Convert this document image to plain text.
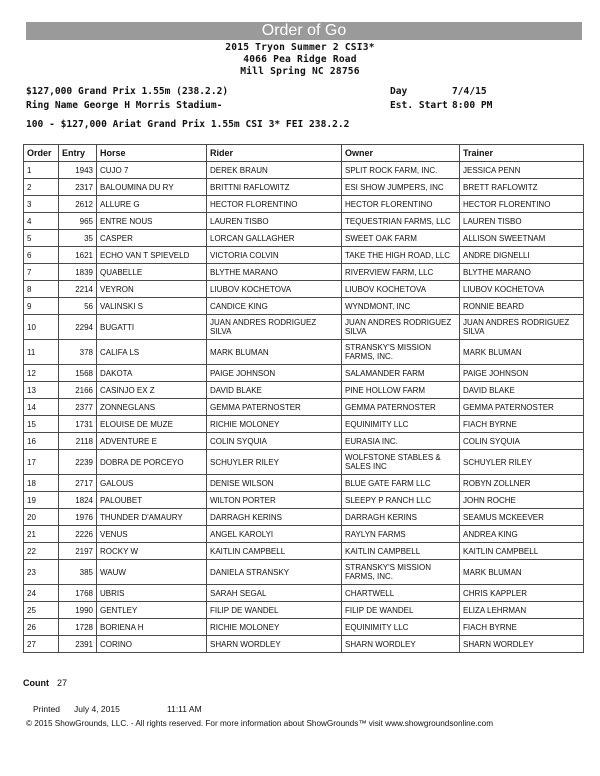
Order of Go
2015 Tryon Summer 2 CSI3*
4066 Pea Ridge Road
Mill Spring NC 28756
$127,000 Grand Prix 1.55m (238.2.2)
Ring Name George H Morris Stadium-
Day	7/4/15
Est. Start 8:00 PM
100 - $127,000 Ariat Grand Prix 1.55m CSI 3* FEI 238.2.2
Order	Entry	Horse	Rider	Owner	Trainer
1	1943	CUJO 7	DEREK BRAUN	SPLIT ROCK FARM, INC.	JESSICA PENN
2	2317	BALOUMINA DU RY	BRITTNI RAFLOWITZ	ESI SHOW JUMPERS, INC	BRETT RAFLOWITZ
3	2612	ALLURE G	HECTOR FLORENTINO	HECTOR FLORENTINO	HECTOR FLORENTINO
4	965	ENTRE NOUS	LAUREN TISBO	TEQUESTRIAN FARMS, LLC	LAUREN TISBO
5	35	CASPER	LORCAN GALLAGHER	SWEET OAK FARM	ALLISON SWEETNAM
6	1621	ECHO VAN T SPIEVELD	VICTORIA COLVIN	TAKE THE HIGH ROAD, LLC	ANDRE DIGNELLI
7	1839	QUABELLE	BLYTHE MARANO	RIVERVIEW FARM, LLC	BLYTHE MARANO
8	2214	VEYRON	LIUBOV KOCHETOVA	LIUBOV KOCHETOVA	LIUBOV KOCHETOVA
9	56	VALINSKI S	CANDICE KING	WYNDMONT, INC	RONNIE BEARD
10	2294	BUGATTI	JUAN ANDRES RODRIGUEZ SILVA	JUAN ANDRES RODRIGUEZ SILVA	JUAN ANDRES RODRIGUEZ SILVA
11	378	CALIFA LS	MARK BLUMAN	STRANSKY'S MISSION FARMS, INC.	MARK BLUMAN
12	1568	DAKOTA	PAIGE JOHNSON	SALAMANDER FARM	PAIGE JOHNSON
13	2166	CASINJO EX Z	DAVID BLAKE	PINE HOLLOW FARM	DAVID BLAKE
14	2377	ZONNEGLANS	GEMMA PATERNOSTER	GEMMA PATERNOSTER	GEMMA PATERNOSTER
15	1731	ELOUISE DE MUZE	RICHIE MOLONEY	EQUINIMITY LLC	FIACH BYRNE
16	2118	ADVENTURE E	COLIN SYQUIA	EURASIA INC.	COLIN SYQUIA
17	2239	DOBRA DE PORCEYO	SCHUYLER RILEY	WOLFSTONE STABLES & SALES INC	SCHUYLER RILEY
18	2717	GALOUS	DENISE WILSON	BLUE GATE FARM LLC	ROBYN ZOLLNER
19	1824	PALOUBET	WILTON PORTER	SLEEPY P RANCH LLC	JOHN ROCHE
20	1976	THUNDER D'AMAURY	DARRAGH KERINS	DARRAGH KERINS	SEAMUS MCKEEVER
21	2226	VENUS	ANGEL KAROLYI	RAYLYN FARMS	ANDREA KING
22	2197	ROCKY W	KAITLIN CAMPBELL	KAITLIN CAMPBELL	KAITLIN CAMPBELL
23	385	WAUW	DANIELA STRANSKY	STRANSKY'S MISSION FARMS, INC.	MARK BLUMAN
24	1768	UBRIS	SARAH SEGAL	CHARTWELL	CHRIS KAPPLER
25	1990	GENTLEY	FILIP DE WANDEL	FILIP DE WANDEL	ELIZA LEHRMAN
26	1728	BORIENA H	RICHIE MOLONEY	EQUINIMITY LLC	FIACH BYRNE
27	2391	CORINO	SHARN WORDLEY	SHARN WORDLEY	SHARN WORDLEY
Count 27
Printed July 4, 2015	11:11 AM
© 2015 ShowGrounds, LLC. - All rights reserved. For more information about ShowGrounds™ visit www.showgroundsonline.com
